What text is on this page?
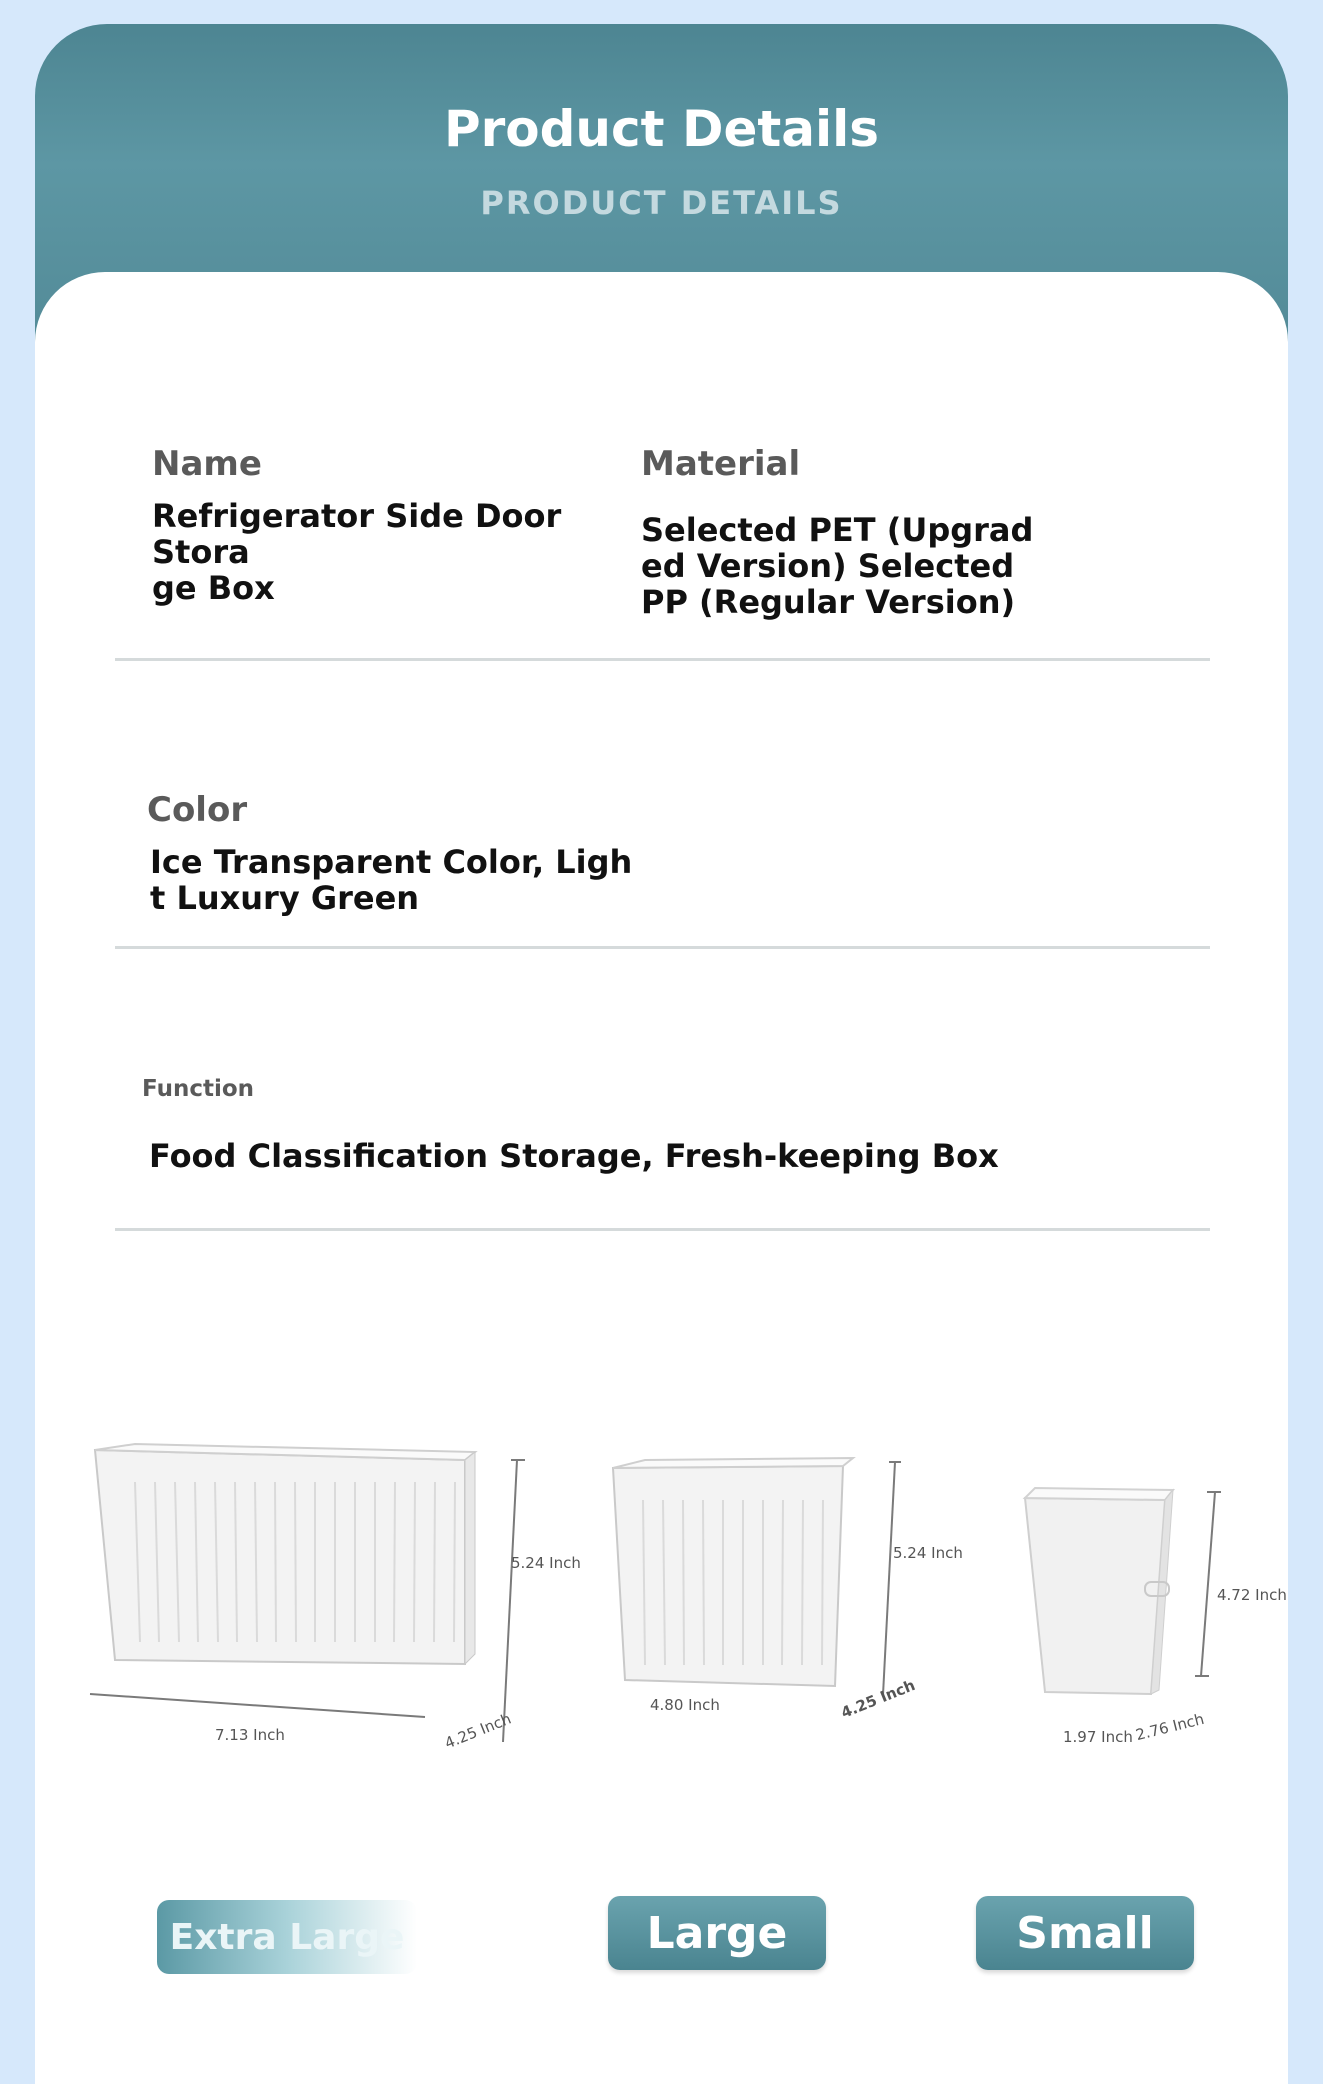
Product Details
PRODUCT DETAILS
Name
Refrigerator Side Door Stora
ge Box
Material
Selected PET (Upgrad
ed Version) Selected
PP (Regular Version)
Color
Ice Transparent Color, Ligh
t Luxury Green
Function
Food Classification Storage, Fresh-keeping Box
5.24 Inch
7.13 Inch	4.25 Inch
5.24 Inch
4.80 Inch	4.25 Inch
4.72 Inch
1.97 Inch 2.76 Inch
Extra Large	Large	Small
